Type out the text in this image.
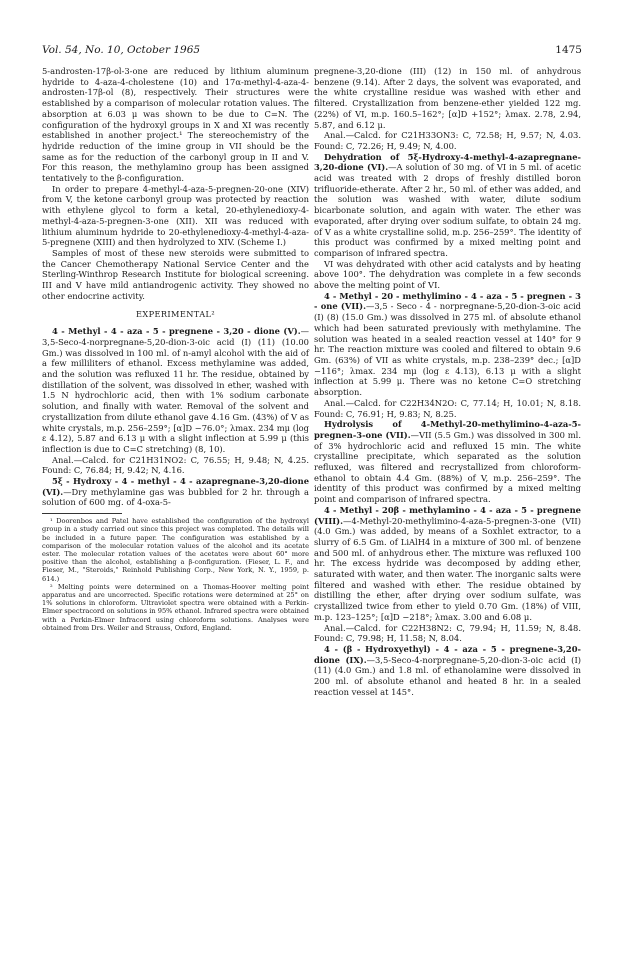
Vol. 54, No. 10, October 1965	1475

5-androsten-17β-ol-3-one are reduced by lithium aluminum hydride to 4-aza-4-cholestene (10) and 17α-methyl-4-aza-4-androsten-17β-ol (8), respectively. Their structures were established by a comparison of molecular rotation values. The absorption at 6.03 μ was shown to be due to C=N. The configuration of the hydroxyl groups in X and XI was recently established in another project.¹ The stereochemistry of the hydride reduction of the imine group in VII should be the same as for the reduction of the carbonyl group in II and V. For this reason, the methylamino group has been assigned tentatively to the β-configuration.

In order to prepare 4-methyl-4-aza-5-pregnen-20-one (XIV) from V, the ketone carbonyl group was protected by reaction with ethylene glycol to form a ketal, 20-ethylenedioxy-4-methyl-4-aza-5-pregnen-3-one (XII). XII was reduced with lithium aluminum hydride to 20-ethylenedioxy-4-methyl-4-aza-5-pregnene (XIII) and then hydrolyzed to XIV. (Scheme I.)

Samples of most of these new steroids were submitted to the Cancer Chemotherapy National Service Center and the Sterling-Winthrop Research Institute for biological screening. III and V have mild antiandrogenic activity. They showed no other endocrine activity.

EXPERIMENTAL²

4 - Methyl - 4 - aza - 5 - pregnene - 3,20 - dione (V).—3,5-Seco-4-norpregnane-5,20-dion-3-oic acid (I) (11) (10.00 Gm.) was dissolved in 100 ml. of n-amyl alcohol with the aid of a few milliliters of ethanol. Excess methylamine was added, and the solution was refluxed 11 hr. The residue, obtained by distillation of the solvent, was dissolved in ether, washed with 1.5 N hydrochloric acid, then with 1% sodium carbonate solution, and finally with water. Removal of the solvent and crystallization from dilute ethanol gave 4.16 Gm. (43%) of V as white crystals, m.p. 256–259°; [α]D −76.0°; λmax. 234 mμ (log ε 4.12), 5.87 and 6.13 μ with a slight inflection at 5.99 μ (this inflection is due to C=C stretching) (8, 10).

Anal.—Calcd. for C21H31NO2: C, 76.55; H, 9.48; N, 4.25. Found: C, 76.84; H, 9.42; N, 4.16.

5ξ - Hydroxy - 4 - methyl - 4 - azapregnane-3,20-dione (VI).—Dry methylamine gas was bubbled for 2 hr. through a solution of 600 mg. of 4-oxa-5-

¹ Doorenbos and Patel have established the configuration of the hydroxyl group in a study carried out since this project was completed. The details will be included in a future paper. The configuration was established by a comparison of the molecular rotation values of the alcohol and its acetate ester. The molecular rotation values of the acetates were about 60° more positive than the alcohol, establishing a β-configuration. (Fieser, L. F., and Fieser, M., "Steroids," Reinhold Publishing Corp., New York, N. Y., 1959, p. 614.)

² Melting points were determined on a Thomas-Hoover melting point apparatus and are uncorrected. Specific rotations were determined at 25° on 1% solutions in chloroform. Ultraviolet spectra were obtained with a Perkin-Elmer spectracord on solutions in 95% ethanol. Infrared spectra were obtained with a Perkin-Elmer Infracord using chloroform solutions. Analyses were obtained from Drs. Weiler and Strauss, Oxford, England.

pregnene-3,20-dione (III) (12) in 150 ml. of anhydrous benzene (9.14). After 2 days, the solvent was evaporated, and the white crystalline residue was washed with ether and filtered. Crystallization from benzene-ether yielded 122 mg. (22%) of VI, m.p. 160.5–162°; [α]D +152°; λmax. 2.78, 2.94, 5.87, and 6.12 μ.

Anal.—Calcd. for C21H33ON3: C, 72.58; H, 9.57; N, 4.03. Found: C, 72.26; H, 9.49; N, 4.00.

Dehydration of 5ξ-Hydroxy-4-methyl-4-azapregnane-3,20-dione (VI).—A solution of 30 mg. of VI in 5 ml. of acetic acid was treated with 2 drops of freshly distilled boron trifluoride-etherate. After 2 hr., 50 ml. of ether was added, and the solution was washed with water, dilute sodium bicarbonate solution, and again with water. The ether was evaporated, after drying over sodium sulfate, to obtain 24 mg. of V as a white crystalline solid, m.p. 256–259°. The identity of this product was confirmed by a mixed melting point and comparison of infrared spectra.

VI was dehydrated with other acid catalysts and by heating above 100°. The dehydration was complete in a few seconds above the melting point of VI.

4 - Methyl - 20 - methylimino - 4 - aza - 5 - pregnen - 3 - one (VII).—3,5 - Seco - 4 - norpregnane-5,20-dion-3-oic acid (I) (8) (15.0 Gm.) was dissolved in 275 ml. of absolute ethanol which had been saturated previously with methylamine. The solution was heated in a sealed reaction vessel at 140° for 9 hr. The reaction mixture was cooled and filtered to obtain 9.6 Gm. (63%) of VII as white crystals, m.p. 238–239° dec.; [α]D −116°; λmax. 234 mμ (log ε 4.13), 6.13 μ with a slight inflection at 5.99 μ. There was no ketone C=O stretching absorption.

Anal.—Calcd. for C22H34N2O: C, 77.14; H, 10.01; N, 8.18. Found: C, 76.91; H, 9.83; N, 8.25.

Hydrolysis of 4-Methyl-20-methylimino-4-aza-5-pregnen-3-one (VII).—VII (5.5 Gm.) was dissolved in 300 ml. of 3% hydrochloric acid and refluxed 15 min. The white crystalline precipitate, which separated as the solution refluxed, was filtered and recrystallized from chloroform-ethanol to obtain 4.4 Gm. (88%) of V, m.p. 256–259°. The identity of this product was confirmed by a mixed melting point and comparison of infrared spectra.

4 - Methyl - 20β - methylamino - 4 - aza - 5 - pregnene (VIII).—4-Methyl-20-methylimino-4-aza-5-pregnen-3-one (VII) (4.0 Gm.) was added, by means of a Soxhlet extractor, to a slurry of 6.5 Gm. of LiAlH4 in a mixture of 300 ml. of benzene and 500 ml. of anhydrous ether. The mixture was refluxed 100 hr. The excess hydride was decomposed by adding ether, saturated with water, and then water. The inorganic salts were filtered and washed with ether. The residue obtained by distilling the ether, after drying over sodium sulfate, was crystallized twice from ether to yield 0.70 Gm. (18%) of VIII, m.p. 123–125°; [α]D −218°; λmax. 3.00 and 6.08 μ.

Anal.—Calcd. for C22H38N2: C, 79.94; H, 11.59; N, 8.48. Found: C, 79.98; H, 11.58; N, 8.04.

4 - (β - Hydroxyethyl) - 4 - aza - 5 - pregnene-3,20-dione (IX).—3,5-Seco-4-norpregnane-5,20-dion-3-oic acid (I) (11) (4.0 Gm.) and 1.8 ml. of ethanolamine were dissolved in 200 ml. of absolute ethanol and heated 8 hr. in a sealed reaction vessel at 145°.
